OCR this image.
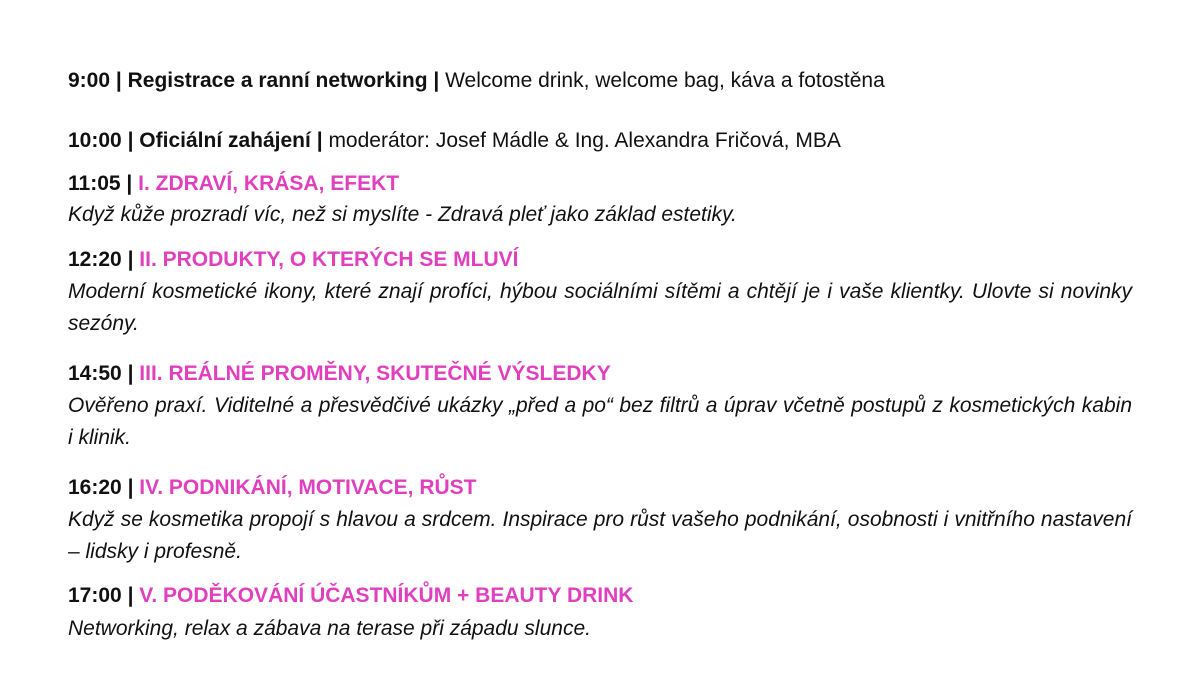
9:00 | Registrace a ranní networking | Welcome drink, welcome bag, káva a fotostěna
10:00 | Oficiální zahájení | moderátor: Josef Mádle & Ing. Alexandra Fričová, MBA
11:05 | I. ZDRAVÍ, KRÁSA, EFEKT
Když kůže prozradí víc, než si myslíte - Zdravá pleť jako základ estetiky.
12:20 | II. PRODUKTY, O KTERÝCH SE MLUVÍ
Moderní kosmetické ikony, které znají profíci, hýbou sociálními sítěmi a chtějí je i vaše klientky. Ulovte si novinky sezóny.
14:50 | III. REÁLNÉ PROMĚNY, SKUTEČNÉ VÝSLEDKY
Ověřeno praxí. Viditelné a přesvědčivé ukázky „před a po“ bez filtrů a úprav včetně postupů z kosmetických kabin i klinik.
16:20 | IV. PODNIKÁNÍ, MOTIVACE, RŮST
Když se kosmetika propojí s hlavou a srdcem. Inspirace pro růst vašeho podnikání, osobnosti i vnitřního nastavení – lidsky i profesně.
17:00 | V. PODĚKOVÁNÍ ÚČASTNÍKŮM + BEAUTY DRINK
Networking, relax a zábava na terase při západu slunce.
